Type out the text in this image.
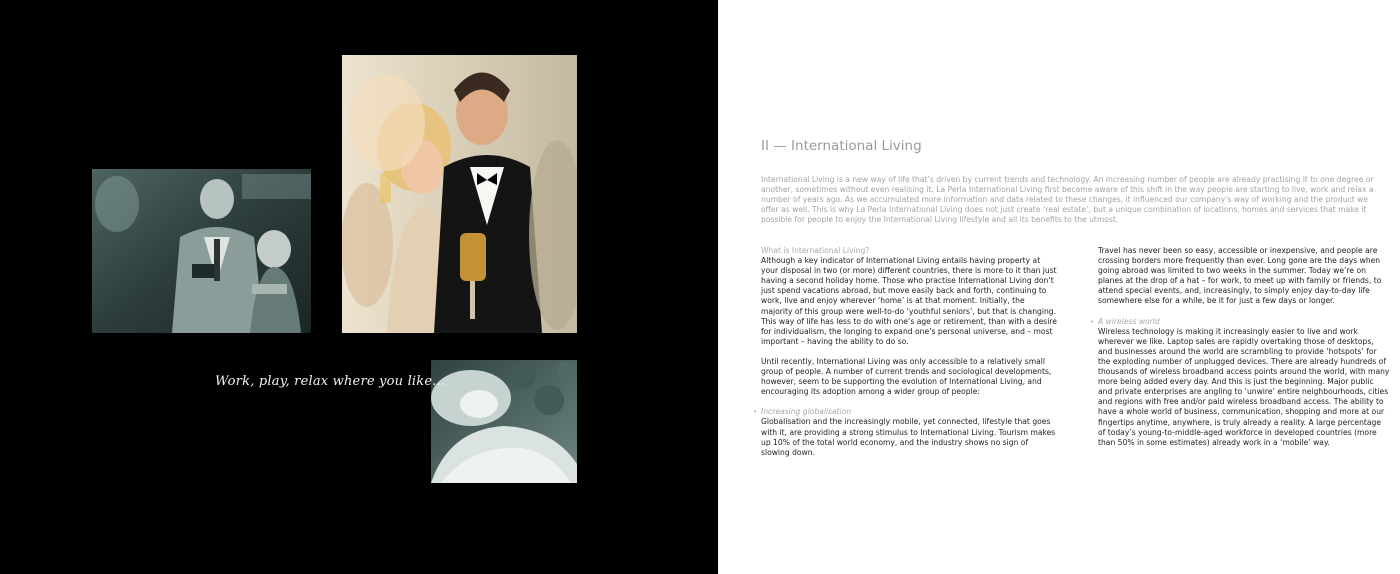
Work, play, relax where you like...
II — International Living

International Living is a new way of life that’s driven by current trends and technology. An increasing number of people are already practising it to one degree or another, sometimes without even realising it. La Perla International Living first became aware of this shift in the way people are starting to live, work and relax a number of years ago. As we accumulated more information and data related to these changes, it influenced our company’s way of working and the product we offer as well. This is why La Perla International Living does not just create ‘real estate’, but a unique combination of locations, homes and services that make it possible for people to enjoy the International Living lifestyle and all its benefits to the utmost.

What is International Living?

Although a key indicator of International Living entails having property at your disposal in two (or more) different countries, there is more to it than just having a second holiday home. Those who practise International Living don’t just spend vacations abroad, but move easily back and forth, continuing to work, live and enjoy wherever ‘home’ is at that moment. Initially, the majority of this group were well-to-do ‘youthful seniors’, but that is changing. This way of life has less to do with one’s age or retirement, than with a desire for individualism, the longing to expand one’s personal universe, and – most important – having the ability to do so.

Until recently, International Living was only accessible to a relatively small group of people. A number of current trends and sociological developments, however, seem to be supporting the evolution of International Living, and encouraging its adoption among a wider group of people:

• Increasing globalisation

Globalisation and the increasingly mobile, yet connected, lifestyle that goes with it, are providing a strong stimulus to International Living. Tourism makes up 10% of the total world economy, and the industry shows no sign of slowing down.

Travel has never been so easy, accessible or inexpensive, and people are crossing borders more frequently than ever. Long gone are the days when going abroad was limited to two weeks in the summer. Today we’re on planes at the drop of a hat – for work, to meet up with family or friends, to attend special events, and, increasingly, to simply enjoy day-to-day life somewhere else for a while, be it for just a few days or longer.

• A wireless world

Wireless technology is making it increasingly easier to live and work wherever we like. Laptop sales are rapidly overtaking those of desktops, and businesses around the world are scrambling to provide ‘hotspots’ for the exploding number of unplugged devices. There are already hundreds of thousands of wireless broadband access points around the world, with many more being added every day. And this is just the beginning. Major public and private enterprises are angling to ‘unwire’ entire neighbourhoods, cities and regions with free and/or paid wireless broadband access. The ability to have a whole world of business, communication, shopping and more at our fingertips anytime, anywhere, is truly already a reality. A large percentage of today’s young-to-middle-aged workforce in developed countries (more than 50% in some estimates) already work in a ‘mobile’ way.
